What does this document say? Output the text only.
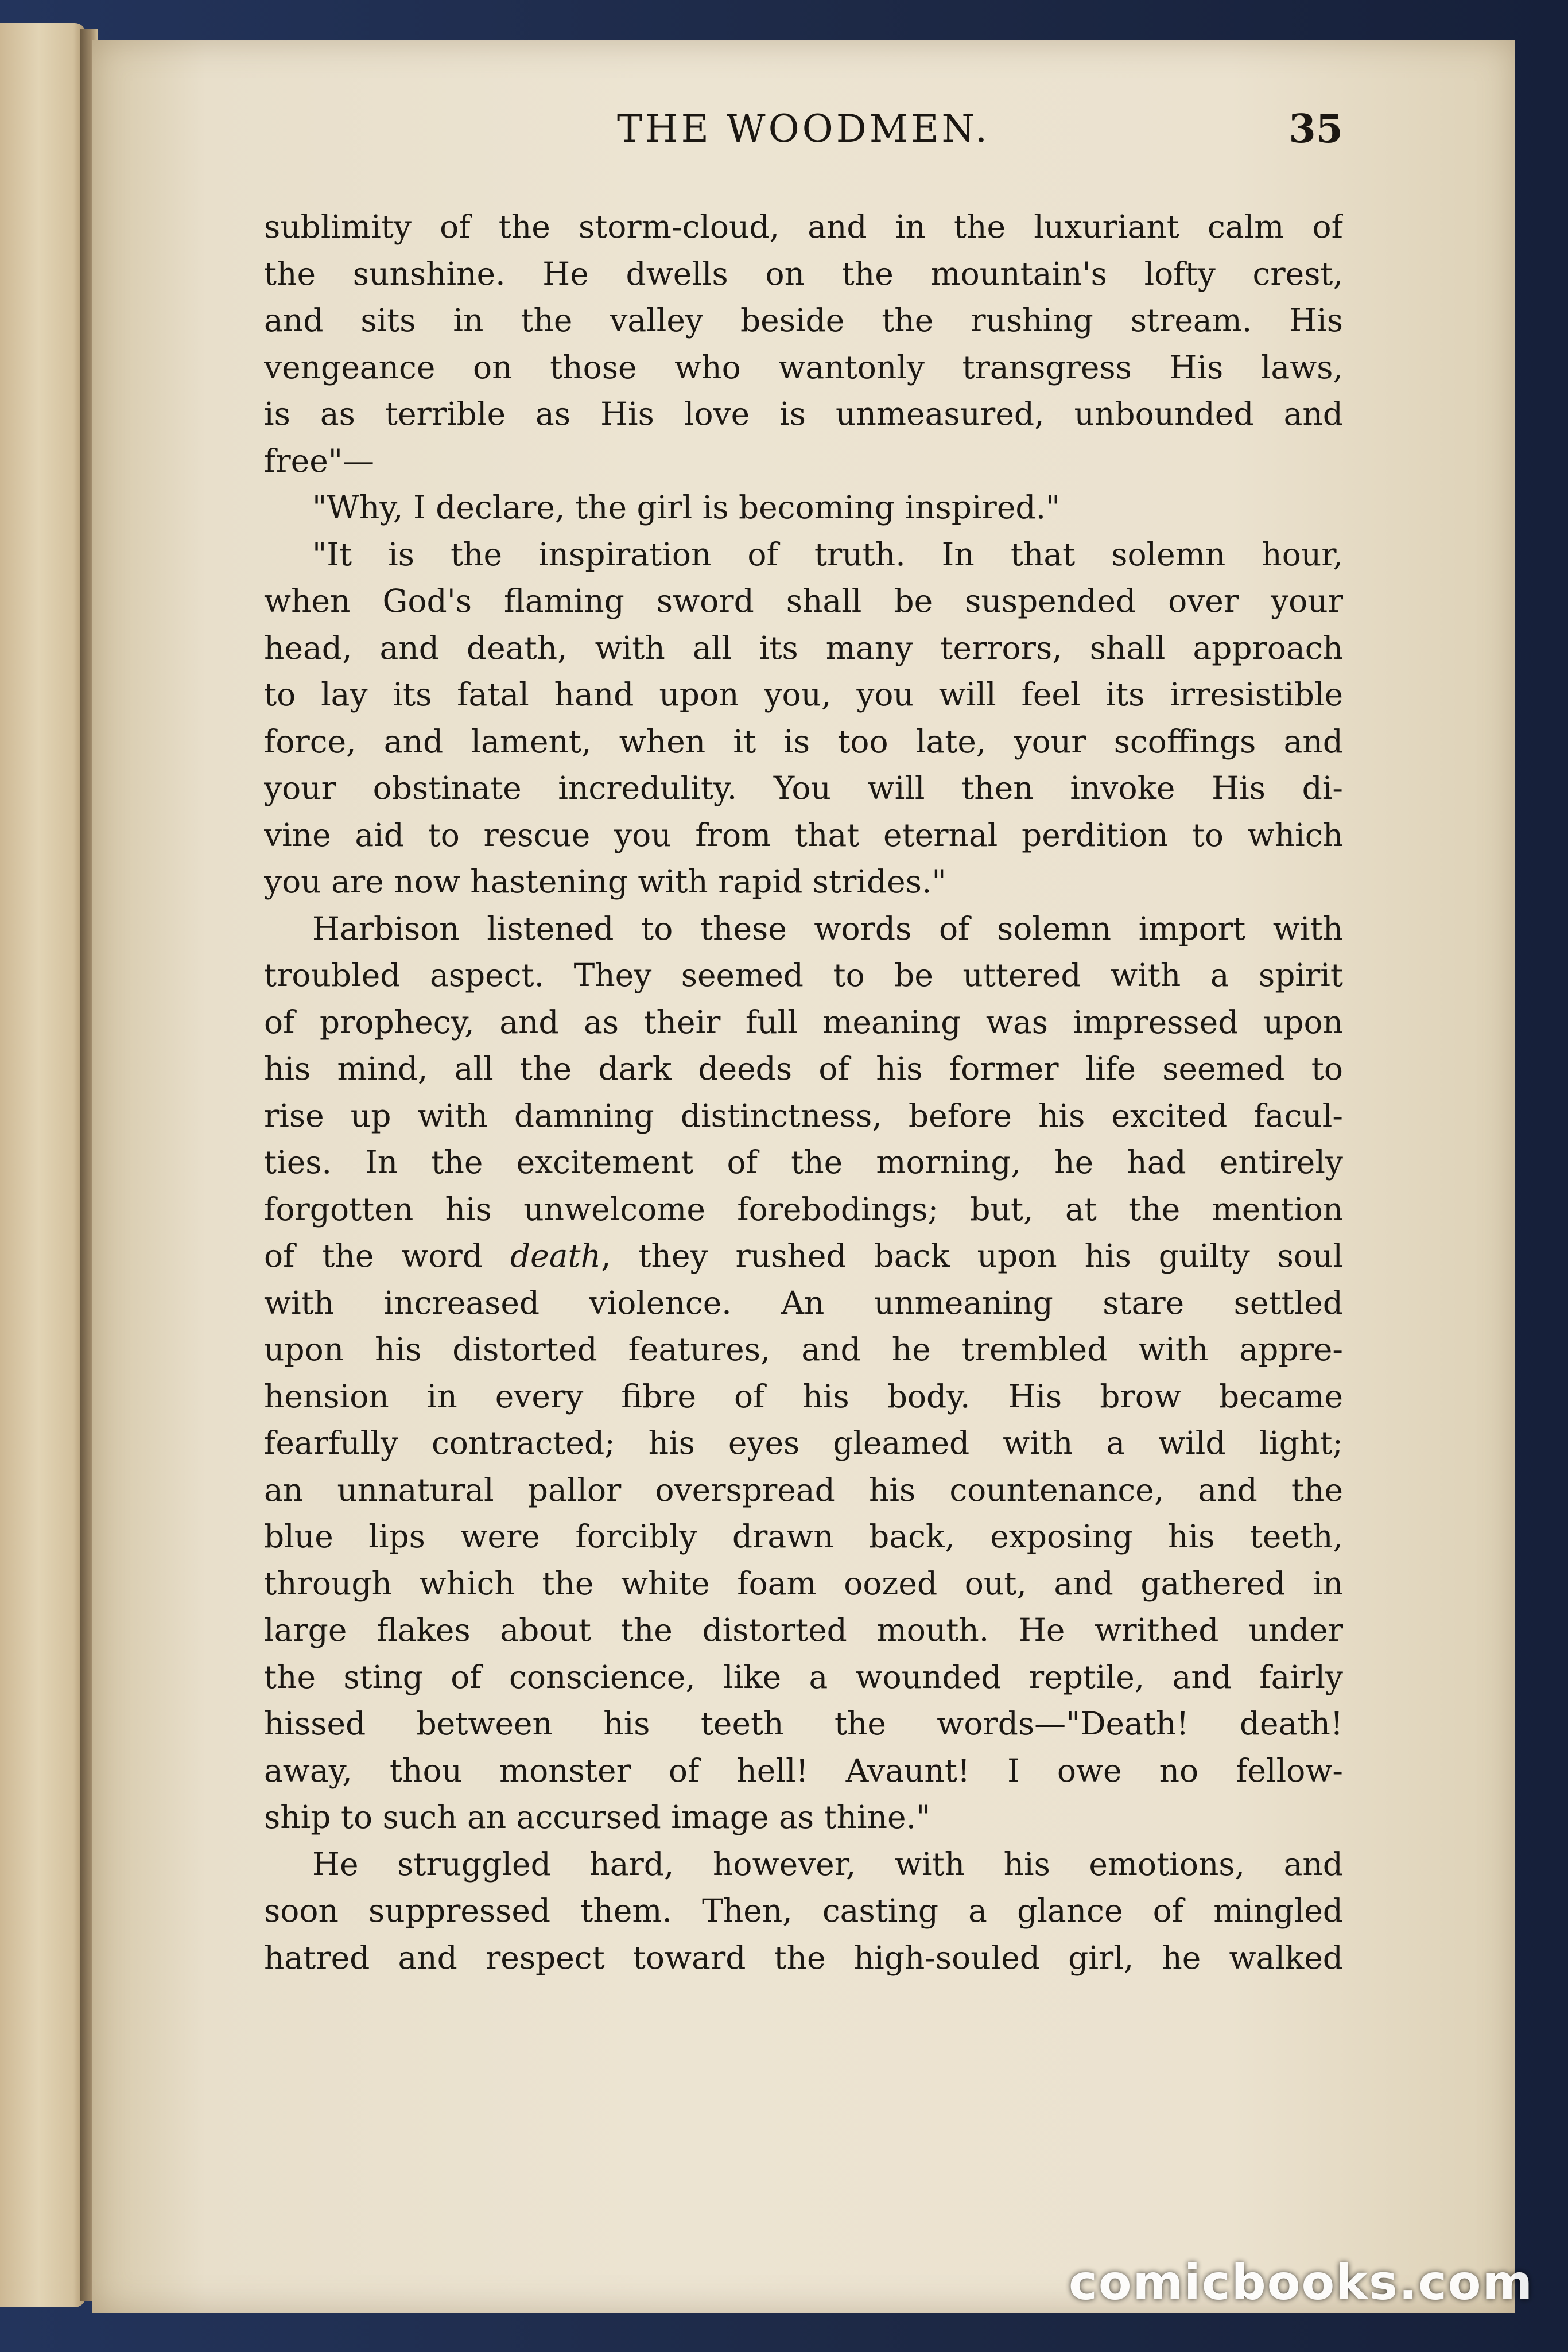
THE WOODMEN.	35
sublimity of the storm-cloud, and in the luxuriant calm of
the sunshine. He dwells on the mountain's lofty crest,
and sits in the valley beside the rushing stream. His
vengeance on those who wantonly transgress His laws,
is as terrible as His love is unmeasured, unbounded and
free"—
"Why, I declare, the girl is becoming inspired."
"It is the inspiration of truth. In that solemn hour,
when God's flaming sword shall be suspended over your
head, and death, with all its many terrors, shall approach
to lay its fatal hand upon you, you will feel its irresistible
force, and lament, when it is too late, your scoffings and
your obstinate incredulity. You will then invoke His di-
vine aid to rescue you from that eternal perdition to which
you are now hastening with rapid strides."
Harbison listened to these words of solemn import with
troubled aspect. They seemed to be uttered with a spirit
of prophecy, and as their full meaning was impressed upon
his mind, all the dark deeds of his former life seemed to
rise up with damning distinctness, before his excited facul-
ties. In the excitement of the morning, he had entirely
forgotten his unwelcome forebodings; but, at the mention
of the word death, they rushed back upon his guilty soul
with increased violence. An unmeaning stare settled
upon his distorted features, and he trembled with appre-
hension in every fibre of his body. His brow became
fearfully contracted; his eyes gleamed with a wild light;
an unnatural pallor overspread his countenance, and the
blue lips were forcibly drawn back, exposing his teeth,
through which the white foam oozed out, and gathered in
large flakes about the distorted mouth. He writhed under
the sting of conscience, like a wounded reptile, and fairly
hissed between his teeth the words—"Death! death!
away, thou monster of hell! Avaunt! I owe no fellow-
ship to such an accursed image as thine."
He struggled hard, however, with his emotions, and
soon suppressed them. Then, casting a glance of mingled
hatred and respect toward the high-souled girl, he walked
comicbooks.com
